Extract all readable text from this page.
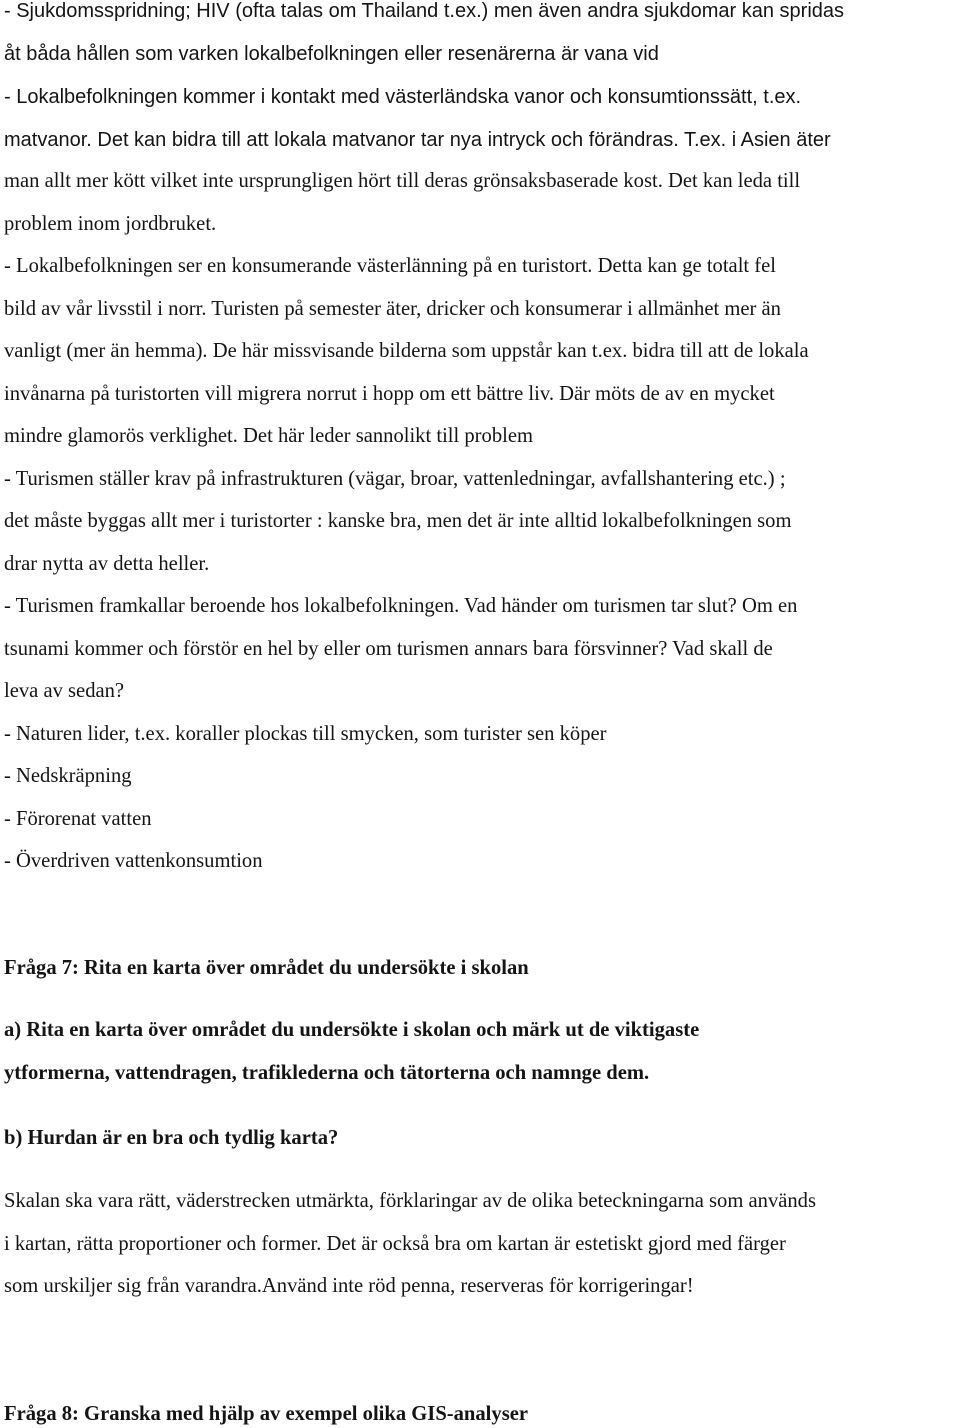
- Sjukdomsspridning; HIV (ofta talas om Thailand t.ex.) men även andra sjukdomar kan spridas

åt båda hållen som varken lokalbefolkningen eller resenärerna är vana vid

- Lokalbefolkningen kommer i kontakt med västerländska vanor och konsumtionssätt, t.ex.

matvanor. Det kan bidra till att lokala matvanor tar nya intryck och förändras. T.ex. i Asien äter

man allt mer kött vilket inte ursprungligen hört till deras grönsaksbaserade kost. Det kan leda till

problem inom jordbruket.

- Lokalbefolkningen ser en konsumerande västerlänning på en turistort. Detta kan ge totalt fel

bild av vår livsstil i norr. Turisten på semester äter, dricker och konsumerar i allmänhet mer än

vanligt (mer än hemma). De här missvisande bilderna som uppstår kan t.ex. bidra till att de lokala

invånarna på turistorten vill migrera norrut i hopp om ett bättre liv. Där möts de av en mycket

mindre glamorös verklighet. Det här leder sannolikt till problem

- Turismen ställer krav på infrastrukturen (vägar, broar, vattenledningar, avfallshantering etc.) ;

det måste byggas allt mer i turistorter : kanske bra, men det är inte alltid lokalbefolkningen som

drar nytta av detta heller.

- Turismen framkallar beroende hos lokalbefolkningen. Vad händer om turismen tar slut? Om en

tsunami kommer och förstör en hel by eller om turismen annars bara försvinner? Vad skall de

leva av sedan?

- Naturen lider, t.ex. koraller plockas till smycken, som turister sen köper

- Nedskräpning

- Förorenat vatten

- Överdriven vattenkonsumtion

Fråga 7: Rita en karta över området du undersökte i skolan

a) Rita en karta över området du undersökte i skolan och märk ut de viktigaste

ytformerna, vattendragen, trafiklederna och tätorterna och namnge dem.

b) Hurdan är en bra och tydlig karta?

Skalan ska vara rätt, väderstrecken utmärkta, förklaringar av de olika beteckningarna som används

i kartan, rätta proportioner och former. Det är också bra om kartan är estetiskt gjord med färger

som urskiljer sig från varandra.Använd inte röd penna, reserveras för korrigeringar!

Fråga 8: Granska med hjälp av exempel olika GIS-analyser
